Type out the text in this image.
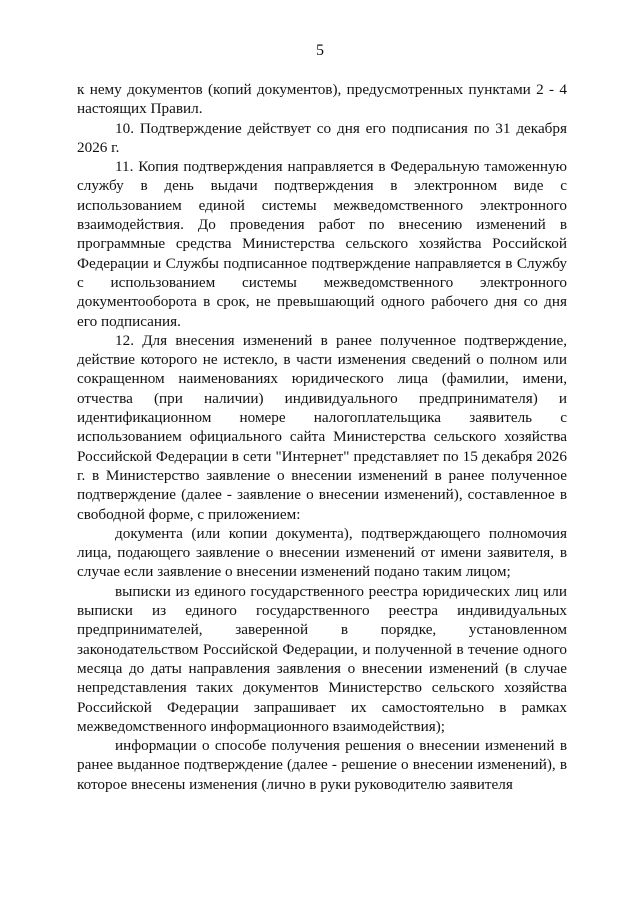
5

к нему документов (копий документов), предусмотренных пунктами 2 - 4 настоящих Правил.

10. Подтверждение действует со дня его подписания по 31 декабря 2026 г.

11. Копия подтверждения направляется в Федеральную таможенную службу в день выдачи подтверждения в электронном виде с использованием единой системы межведомственного электронного взаимодействия. До проведения работ по внесению изменений в программные средства Министерства сельского хозяйства Российской Федерации и Службы подписанное подтверждение направляется в Службу с использованием системы межведомственного электронного документооборота в срок, не превышающий одного рабочего дня со дня его подписания.

12. Для внесения изменений в ранее полученное подтверждение, действие которого не истекло, в части изменения сведений о полном или сокращенном наименованиях юридического лица (фамилии, имени, отчества (при наличии) индивидуального предпринимателя) и идентификационном номере налогоплательщика заявитель с использованием официального сайта Министерства сельского хозяйства Российской Федерации в сети "Интернет" представляет по 15 декабря 2026 г. в Министерство заявление о внесении изменений в ранее полученное подтверждение (далее - заявление о внесении изменений), составленное в свободной форме, с приложением:

документа (или копии документа), подтверждающего полномочия лица, подающего заявление о внесении изменений от имени заявителя, в случае если заявление о внесении изменений подано таким лицом;

выписки из единого государственного реестра юридических лиц или выписки из единого государственного реестра индивидуальных предпринимателей, заверенной в порядке, установленном законодательством Российской Федерации, и полученной в течение одного месяца до даты направления заявления о внесении изменений (в случае непредставления таких документов Министерство сельского хозяйства Российской Федерации запрашивает их самостоятельно в рамках межведомственного информационного взаимодействия);

информации о способе получения решения о внесении изменений в ранее выданное подтверждение (далее - решение о внесении изменений), в которое внесены изменения (лично в руки руководителю заявителя
